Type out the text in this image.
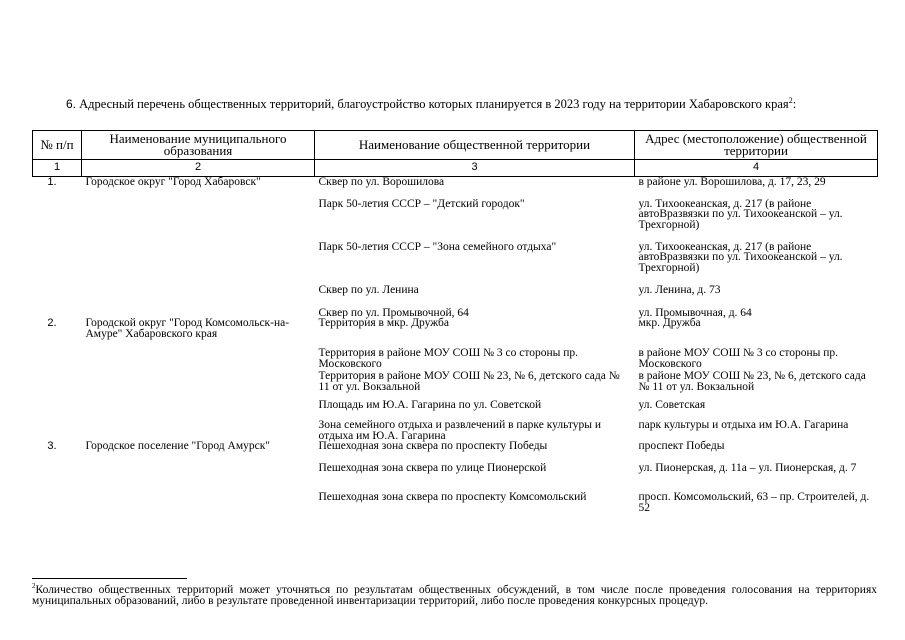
6. Адресный перечень общественных территорий, благоустройство которых планируется в 2023 году на территории Хабаровского края$^2$:
№ п/п	Наименование муниципального образования	Наименование общественной территории	Адрес (местоположение) общественной территории
1	2	3	4
1.	Городское округ "Город Хабаровск"	Сквер по ул. Ворошилова	в районе ул. Ворошилова, д. 17, 23, 29
		Парк 50-летия СССР – "Детский городок"	ул. Тихоокеанская, д. 217 (в районе автоВразвязки по ул. Тихоокеанской – ул. Трехгорной)
		Парк 50-летия СССР – "Зона семейного отдыха"	ул. Тихоокеанская, д. 217 (в районе автоВразвязки по ул. Тихоокеанской – ул. Трехгорной)
		Сквер по ул. Ленина	ул. Ленина, д. 73
		Сквер по ул. Промывочной, 64	ул. Промывочная, д. 64
2.	Городской округ "Город Комсомольск-на-Амуре" Хабаровского края	Территория в мкр. Дружба	мкр. Дружба
		Территория в районе МОУ СОШ № 3 со стороны пр. Московского	в районе МОУ СОШ № 3 со стороны пр. Московского
		Территория в районе МОУ СОШ № 23, № 6, детского сада № 11 от ул. Вокзальной	в районе МОУ СОШ № 23, № 6, детского сада № 11 от ул. Вокзальной
		Площадь им Ю.А. Гагарина по ул. Советской	ул. Советская
		Зона семейного отдыха и развлечений в парке культуры и отдыха им Ю.А. Гагарина	парк культуры и отдыха им Ю.А. Гагарина
3.	Городское поселение "Город Амурск"	Пешеходная зона сквера по проспекту Победы	проспект Победы
		Пешеходная зона сквера по улице Пионерской	ул. Пионерская, д. 11а – ул. Пионерская, д. 7
		Пешеходная зона сквера по проспекту Комсомольский	просп. Комсомольский, 63 – пр. Строителей, д. 52
$^2$Количество общественных территорий может уточняться по результатам общественных обсуждений, в том числе после проведения голосования на территориях муниципальных образований, либо в результате проведенной инвентаризации территорий, либо после проведения конкурсных процедур.
